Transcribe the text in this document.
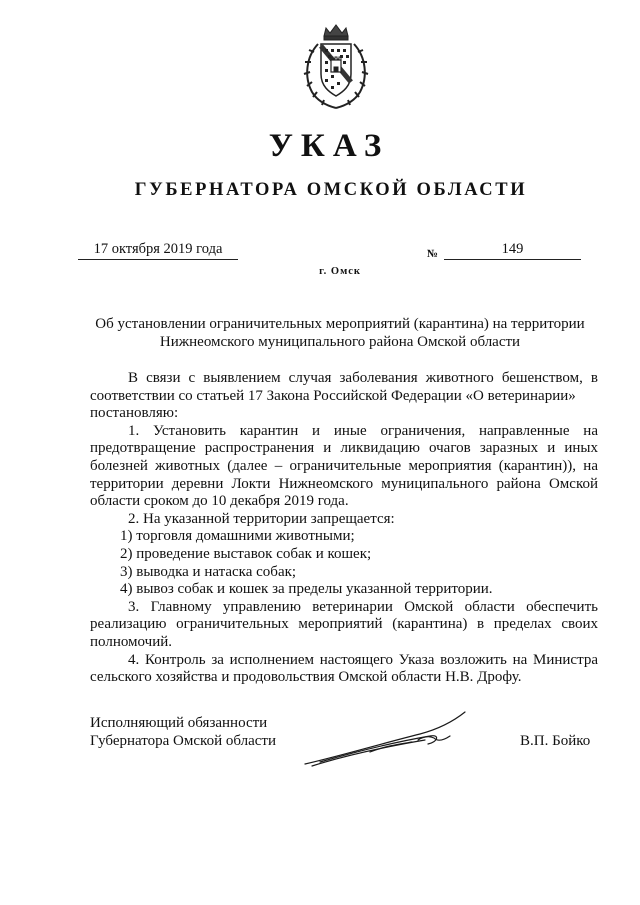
УКАЗ
ГУБЕРНАТОРА ОМСКОЙ ОБЛАСТИ
17 октября 2019 года	№	149
г. Омск
Об установлении ограничительных мероприятий (карантина) на территории
Нижнеомского муниципального района Омской области

В связи с выявлением случая заболевания животного бешенством, в соответствии со статьей 17 Закона Российской Федерации «О ветеринарии»

постановляю:

1. Установить карантин и иные ограничения, направленные на предотвращение распространения и ликвидацию очагов заразных и иных болезней животных (далее – ограничительные мероприятия (карантин)), на территории деревни Локти Нижнеомского муниципального района Омской области сроком до 10 декабря 2019 года.

2. На указанной территории запрещается:

1) торговля домашними животными;

2) проведение выставок собак и кошек;

3) выводка и натаска собак;

4) вывоз собак и кошек за пределы указанной территории.

3. Главному управлению ветеринарии Омской области обеспечить реализацию ограничительных мероприятий (карантина) в пределах своих полномочий.

4. Контроль за исполнением настоящего Указа возложить на Министра сельского хозяйства и продовольствия Омской области Н.В. Дрофу.

Исполняющий обязанности
Губернатора Омской области	В.П. Бойко
